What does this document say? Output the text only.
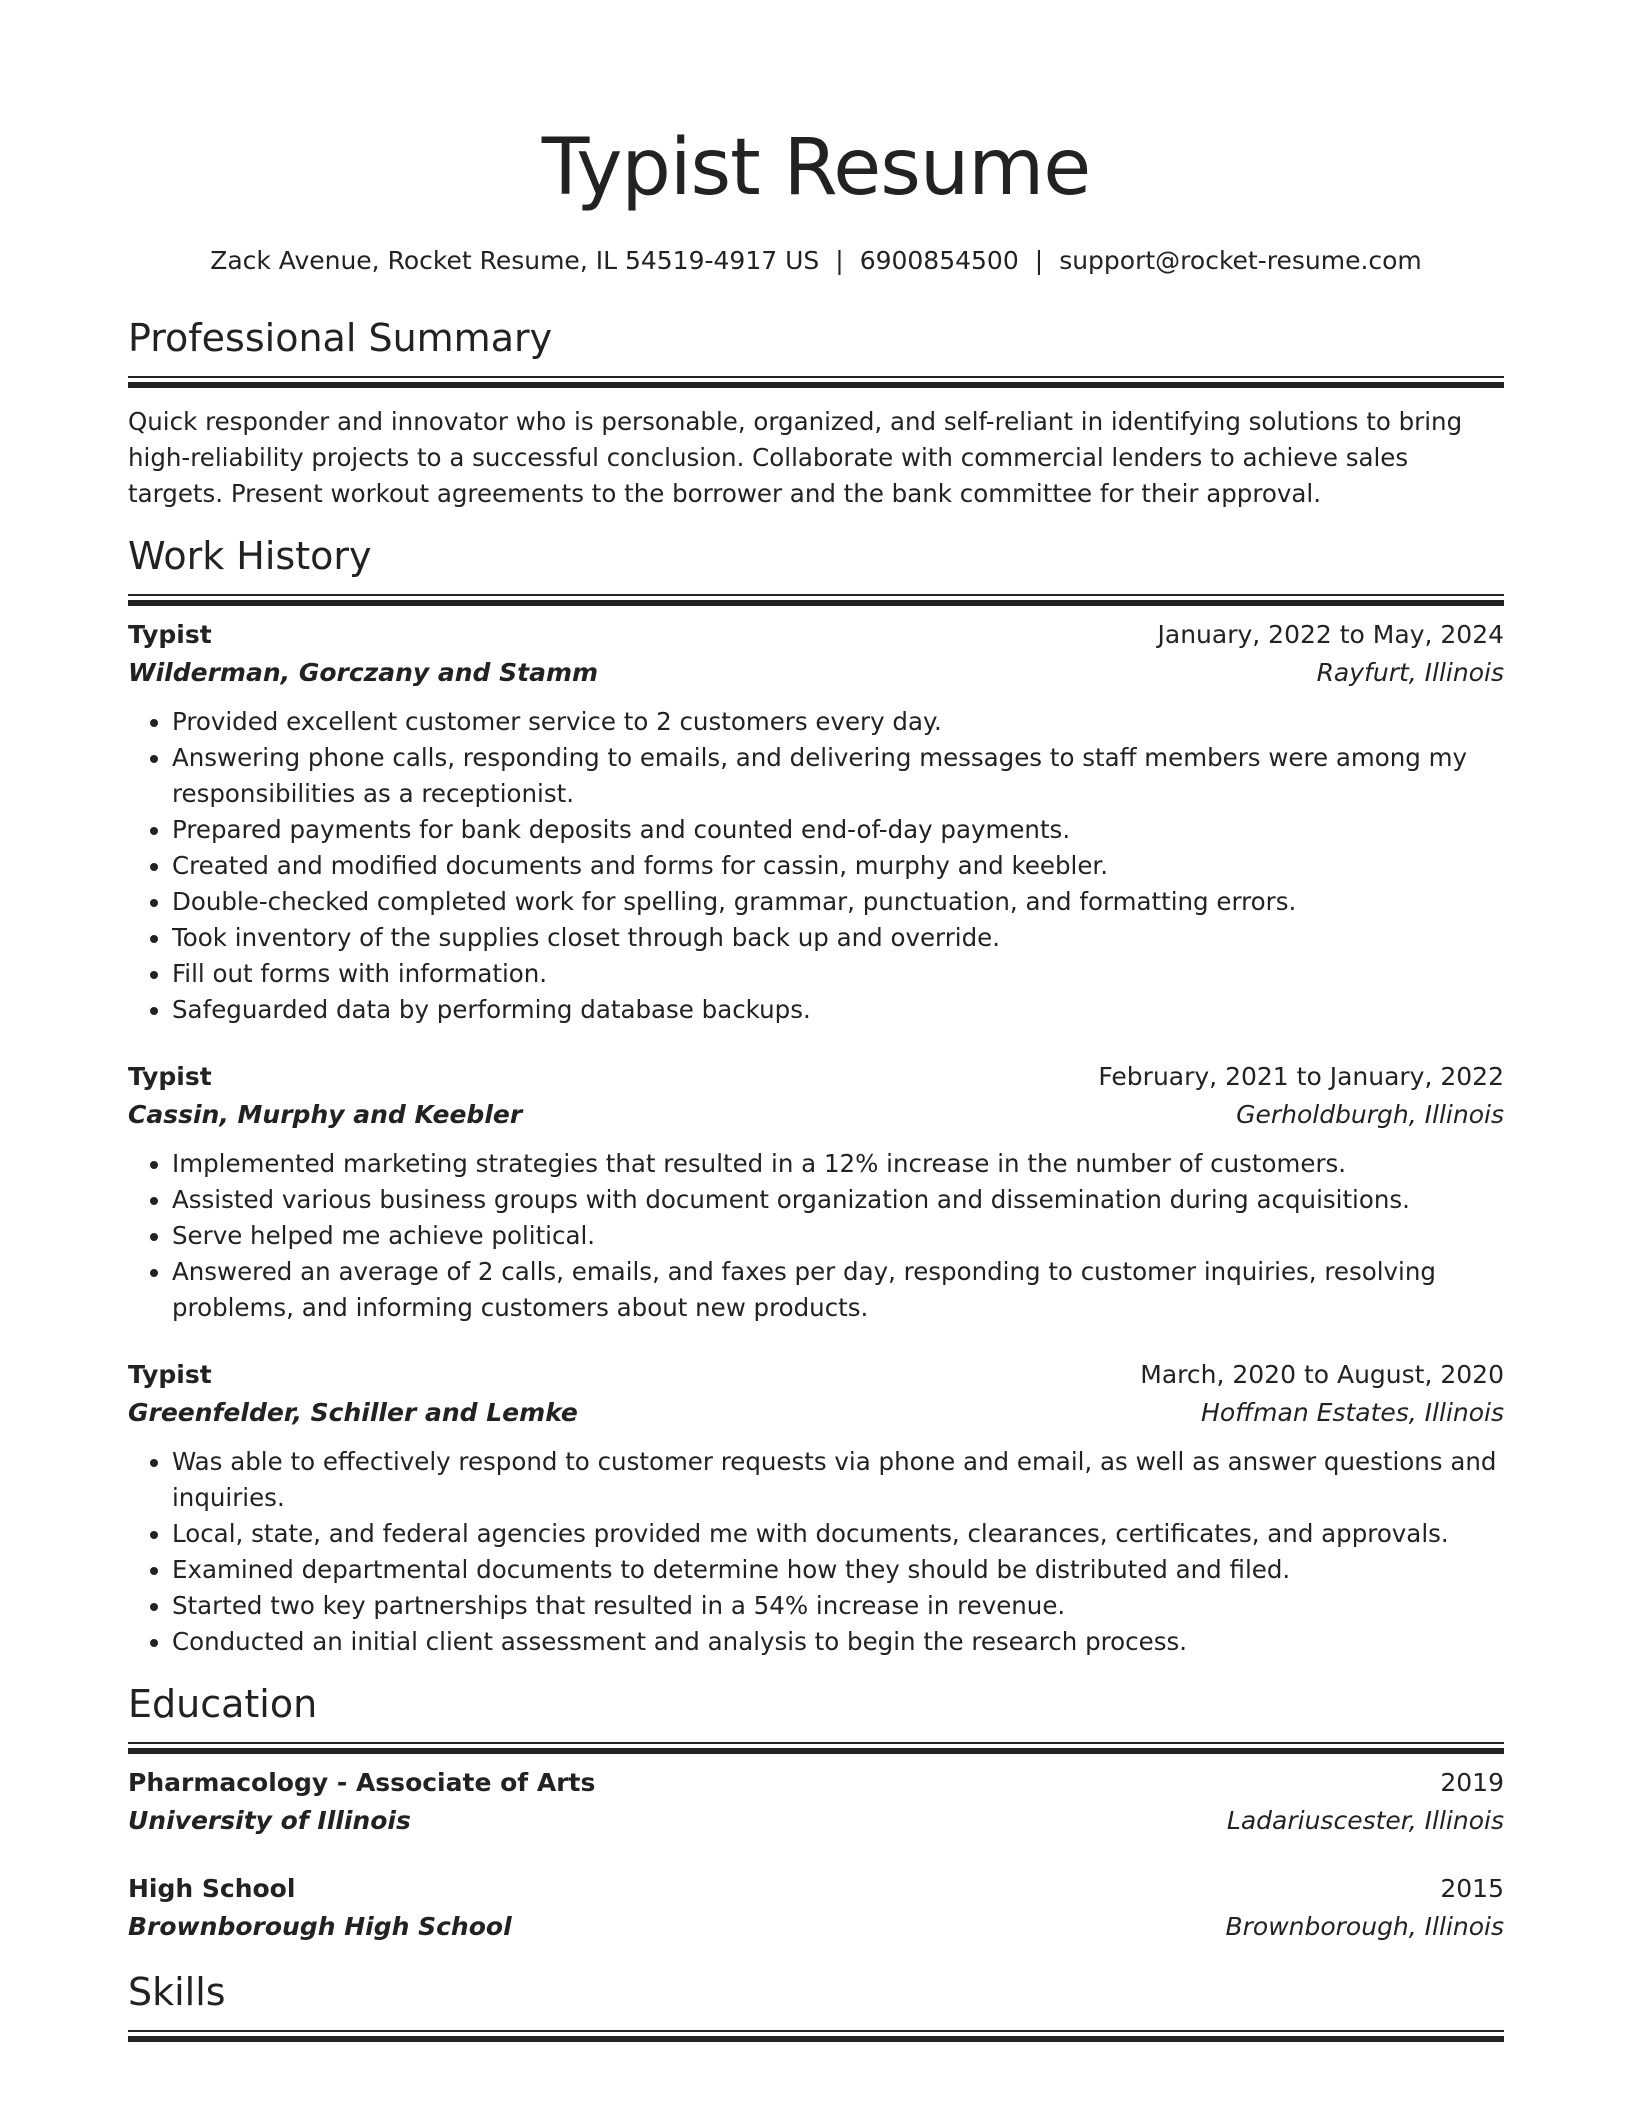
Typist Resume
Zack Avenue, Rocket Resume, IL 54519-4917 US | 6900854500 | support@rocket-resume.com
Professional Summary
Quick responder and innovator who is personable, organized, and self-reliant in identifying solutions to bring high-reliability projects to a successful conclusion. Collaborate with commercial lenders to achieve sales targets. Present workout agreements to the borrower and the bank committee for their approval.
Work History
Typist	January, 2022 to May, 2024
Wilderman, Gorczany and Stamm	Rayfurt, Illinois
• Provided excellent customer service to 2 customers every day.
• Answering phone calls, responding to emails, and delivering messages to staff members were among my responsibilities as a receptionist.
• Prepared payments for bank deposits and counted end-of-day payments.
• Created and modified documents and forms for cassin, murphy and keebler.
• Double-checked completed work for spelling, grammar, punctuation, and formatting errors.
• Took inventory of the supplies closet through back up and override.
• Fill out forms with information.
• Safeguarded data by performing database backups.
Typist	February, 2021 to January, 2022
Cassin, Murphy and Keebler	Gerholdburgh, Illinois
• Implemented marketing strategies that resulted in a 12% increase in the number of customers.
• Assisted various business groups with document organization and dissemination during acquisitions.
• Serve helped me achieve political.
• Answered an average of 2 calls, emails, and faxes per day, responding to customer inquiries, resolving problems, and informing customers about new products.
Typist	March, 2020 to August, 2020
Greenfelder, Schiller and Lemke	Hoffman Estates, Illinois
• Was able to effectively respond to customer requests via phone and email, as well as answer questions and inquiries.
• Local, state, and federal agencies provided me with documents, clearances, certificates, and approvals.
• Examined departmental documents to determine how they should be distributed and filed.
• Started two key partnerships that resulted in a 54% increase in revenue.
• Conducted an initial client assessment and analysis to begin the research process.
Education
Pharmacology - Associate of Arts	2019
University of Illinois	Ladariuscester, Illinois
High School	2015
Brownborough High School	Brownborough, Illinois
Skills
